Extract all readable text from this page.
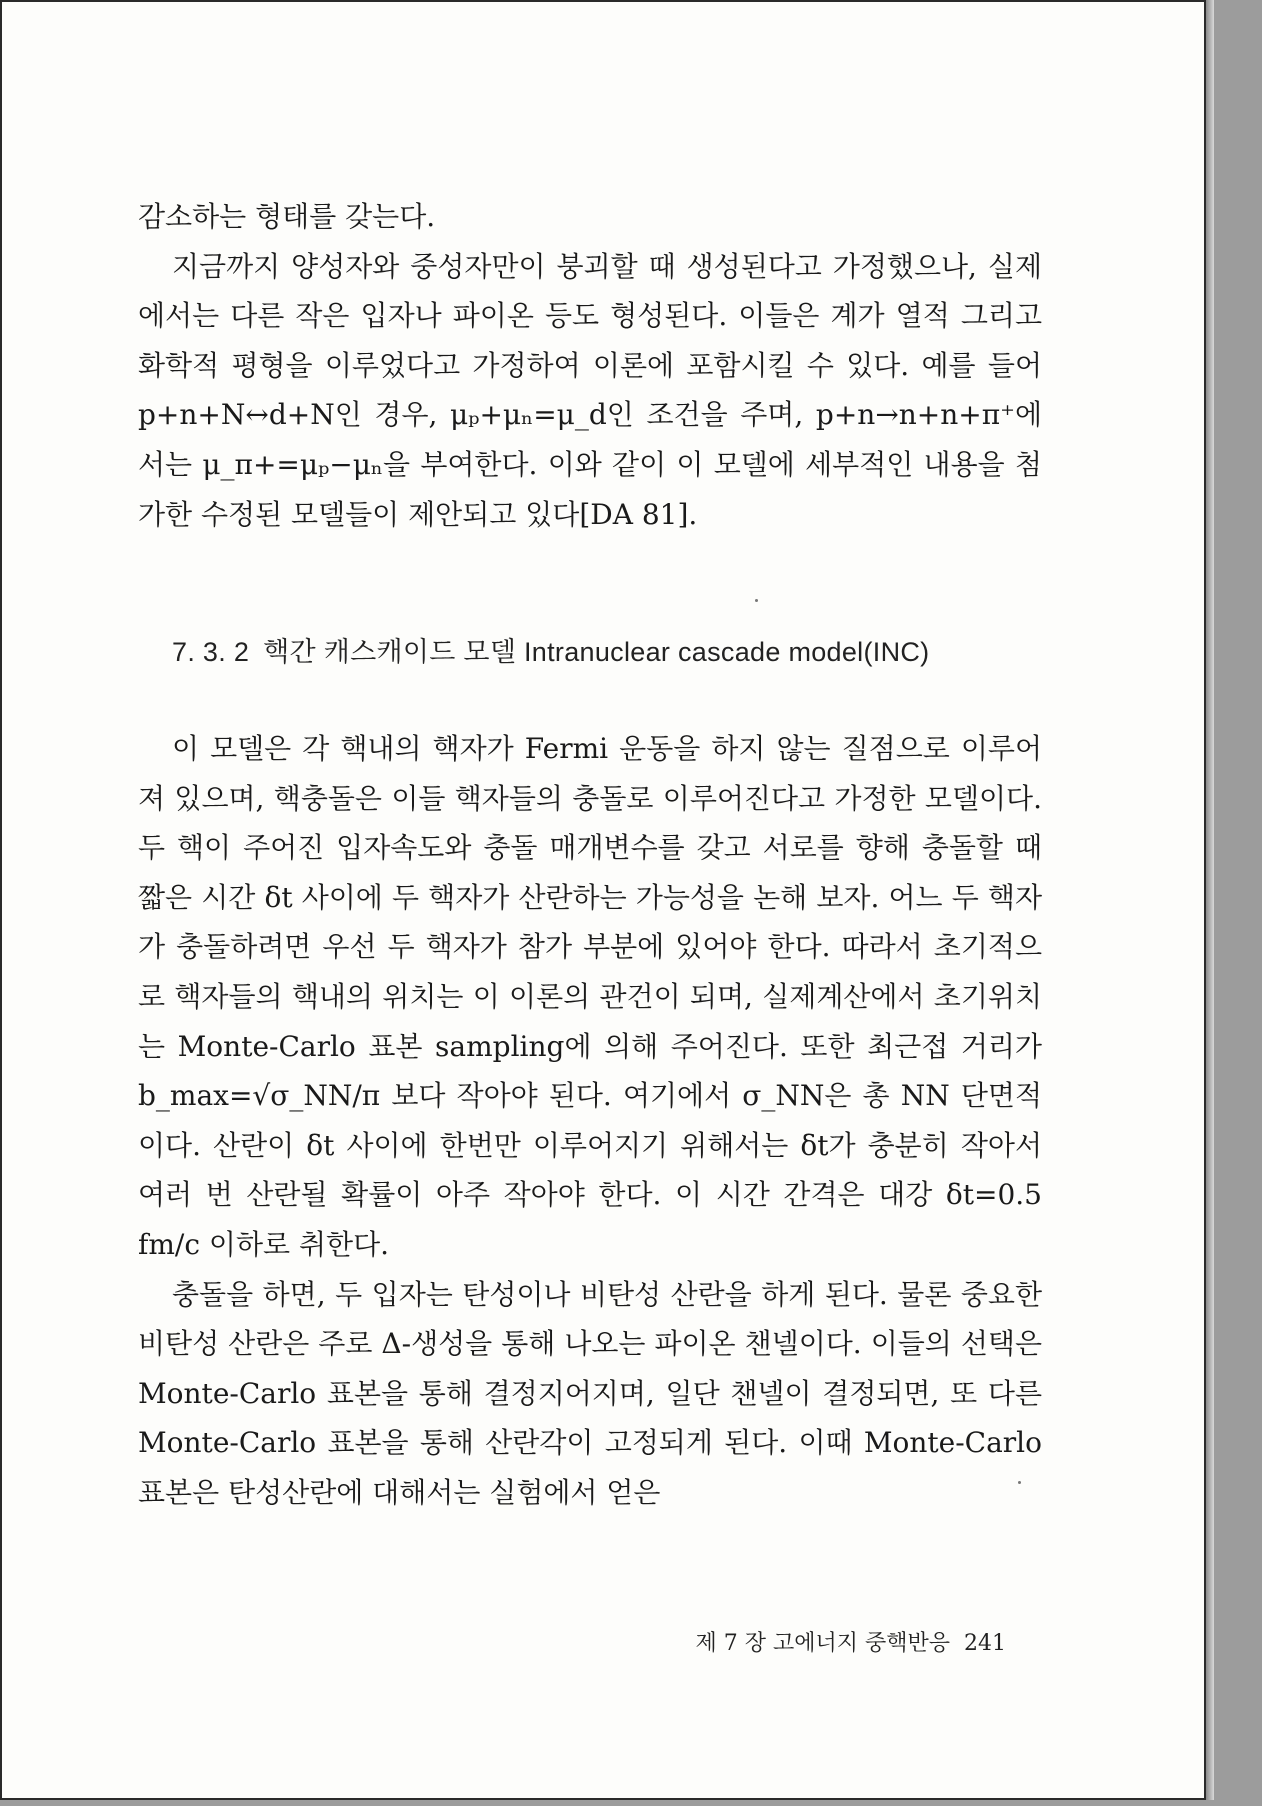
감소하는 형태를 갖는다.

지금까지 양성자와 중성자만이 붕괴할 때 생성된다고 가정했으나, 실제에서는 다른 작은 입자나 파이온 등도 형성된다. 이들은 계가 열적 그리고 화학적 평형을 이루었다고 가정하여 이론에 포함시킬 수 있다. 예를 들어 p+n+N↔d+N인 경우, μₚ+μₙ=μ_d인 조건을 주며, p+n→n+n+π⁺에서는 μ_π+=μₚ−μₙ을 부여한다. 이와 같이 이 모델에 세부적인 내용을 첨가한 수정된 모델들이 제안되고 있다[DA 81].

7. 3. 2 핵간 캐스캐이드 모델 Intranuclear cascade model(INC)

이 모델은 각 핵내의 핵자가 Fermi 운동을 하지 않는 질점으로 이루어져 있으며, 핵충돌은 이들 핵자들의 충돌로 이루어진다고 가정한 모델이다. 두 핵이 주어진 입자속도와 충돌 매개변수를 갖고 서로를 향해 충돌할 때 짧은 시간 δt 사이에 두 핵자가 산란하는 가능성을 논해 보자. 어느 두 핵자가 충돌하려면 우선 두 핵자가 참가 부분에 있어야 한다. 따라서 초기적으로 핵자들의 핵내의 위치는 이 이론의 관건이 되며, 실제계산에서 초기위치는 Monte-Carlo 표본 sampling에 의해 주어진다. 또한 최근접 거리가 b_max=√σ_NN/π 보다 작아야 된다. 여기에서 σ_NN은 총 NN 단면적이다. 산란이 δt 사이에 한번만 이루어지기 위해서는 δt가 충분히 작아서 여러 번 산란될 확률이 아주 작아야 한다. 이 시간 간격은 대강 δt=0.5 fm/c 이하로 취한다.

충돌을 하면, 두 입자는 탄성이나 비탄성 산란을 하게 된다. 물론 중요한 비탄성 산란은 주로 Δ-생성을 통해 나오는 파이온 챈넬이다. 이들의 선택은 Monte-Carlo 표본을 통해 결정지어지며, 일단 챈넬이 결정되면, 또 다른 Monte-Carlo 표본을 통해 산란각이 고정되게 된다. 이때 Monte-Carlo 표본은 탄성산란에 대해서는 실험에서 얻은

제 7 장 고에너지 중핵반응 241
